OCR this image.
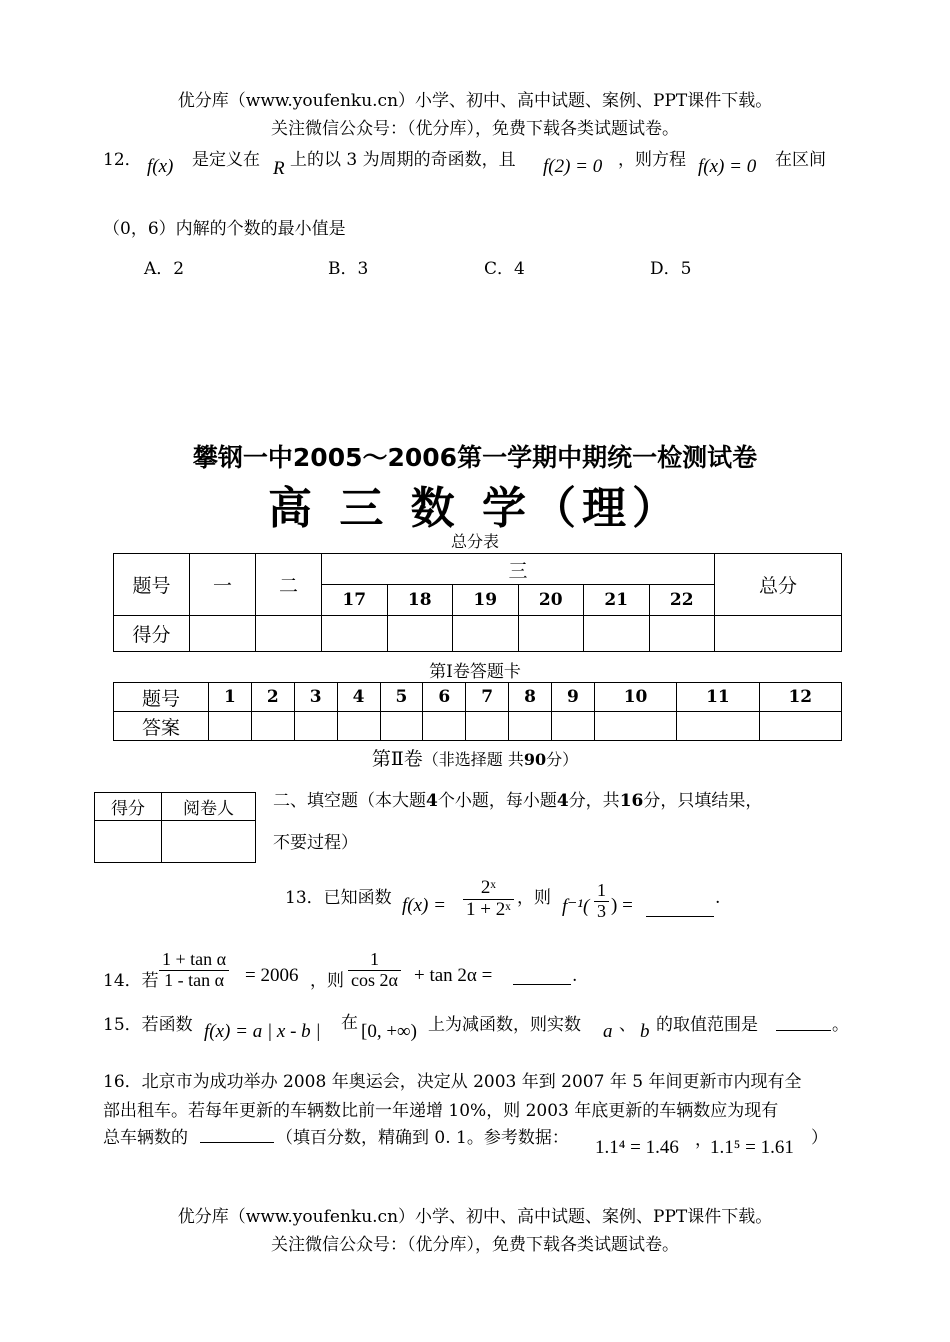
优分库（www.youfenku.cn）小学、初中、高中试题、案例、PPT课件下载。
关注微信公众号：（优分库），免费下载各类试题试卷。
12． f(x) 是定义在 R 上的以 3 为周期的奇函数，且 f(2) = 0 ，则方程 f(x) = 0 在区间
（0，6）内解的个数的最小值是
A．2	B．3	C．4	D．5
攀钢一中2005～2006第一学期中期统一检测试卷
高 三 数 学（理）
总分表
题号	一	二	三						总分
			17	18	19	20	21	22	
得分									
第Ⅰ卷答题卡
题号	1	2	3	4	5	6	7	8	9	10	11	12
答案												
第Ⅱ卷（非选择题 共90分）
得分	阅卷人
	二、填空题（本大题4个小题，每小题4分，共16分，只填结果，
不要过程）
13．已知函数 $f(x) = \frac{\text{2ˣ}}{\text{1 + 2ˣ}}$ ，则 $f^{-1}( \frac{1}{3}$ ) =	.
14．若 $\frac{\text{1 + tan α}}{\text{1 - tan α}} = 2006$ ，则 $\frac{1}{\cos 2\alpha} + \tan 2\alpha$ =	.
15．若函数 f(x) = a | x - b | 在 [0, +∞) 上为减函数，则实数 a 、 b 的取值范围是	。
16．北京市为成功举办 2008 年奥运会，决定从 2003 年到 2007 年 5 年间更新市内现有全
部出租车。若每年更新的车辆数比前一年递增 10%，则 2003 年底更新的车辆数应为现有
总车辆数的	（填百分数，精确到 0. 1。参考数据： 1.1⁴ = 1.46 ，
1.1⁵ = 1.61 ）
优分库（www.youfenku.cn）小学、初中、高中试题、案例、PPT课件下载。
关注微信公众号：（优分库），免费下载各类试题试卷。
